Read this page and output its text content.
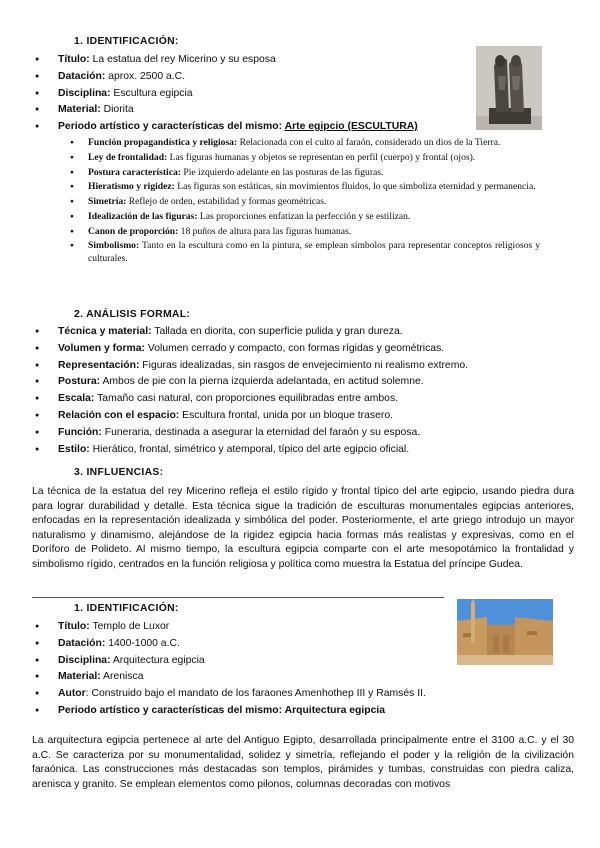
1. IDENTIFICACIÓN:
● Título: La estatua del rey Micerino y su esposa
● Datación: aprox. 2500 a.C.
● Disciplina: Escultura egipcia
● Material: Diorita
● Periodo artístico y características del mismo: Arte egipcio (ESCULTURA)
● Función propagandística y religiosa: Relacionada con el culto al faraón, considerado un dios de la Tierra.
● Ley de frontalidad: Las figuras humanas y objetos se representan en perfil (cuerpo) y frontal (ojos).
● Postura característica: Pie izquierdo adelante en las posturas de las figuras.
● Hieratismo y rigidez: Las figuras son estáticas, sin movimientos fluidos, lo que simboliza eternidad y permanencia.
● Simetría: Reflejo de orden, estabilidad y formas geométricas.
● Idealización de las figuras: Las proporciones enfatizan la perfección y se estilizan.
● Canon de proporción: 18 puños de altura para las figuras humanas.
● Simbolismo: Tanto en la escultura como en la pintura, se emplean símbolos para representar conceptos religiosos y culturales.
2. ANÁLISIS FORMAL:
● Técnica y material: Tallada en diorita, con superficie pulida y gran dureza.
● Volumen y forma: Volumen cerrado y compacto, con formas rígidas y geométricas.
● Representación: Figuras idealizadas, sin rasgos de envejecimiento ni realismo extremo.
● Postura: Ambos de pie con la pierna izquierda adelantada, en actitud solemne.
● Escala: Tamaño casi natural, con proporciones equilibradas entre ambos.
● Relación con el espacio: Escultura frontal, unida por un bloque trasero.
● Función: Funeraria, destinada a asegurar la eternidad del faraón y su esposa.
● Estilo: Hierático, frontal, simétrico y atemporal, típico del arte egipcio oficial.
3. INFLUENCIAS:

La técnica de la estatua del rey Micerino refleja el estilo rígido y frontal típico del arte egipcio, usando piedra dura para lograr durabilidad y detalle. Esta técnica sigue la tradición de esculturas monumentales egipcias anteriores, enfocadas en la representación idealizada y simbólica del poder. Posteriormente, el arte griego introdujo un mayor naturalismo y dinamismo, alejándose de la rigidez egipcia hacia formas más realistas y expresivas, como en el Doríforo de Polideto. Al mismo tiempo, la escultura egipcia comparte con el arte mesopotámico la frontalidad y simbolismo rígido, centrados en la función religiosa y política como muestra la Estatua del príncipe Gudea.

1. IDENTIFICACIÓN:
● Título: Templo de Luxor
● Datación: 1400-1000 a.C.
● Disciplina: Arquitectura egipcia
● Material: Arenisca
● Autor: Construido bajo el mandato de los faraones Amenhothep III y Ramsés II.
● Periodo artístico y características del mismo: Arquitectura egipcia

La arquitectura egipcia pertenece al arte del Antiguo Egipto, desarrollada principalmente entre el 3100 a.C. y el 30 a.C. Se caracteriza por su monumentalidad, solidez y simetría, reflejando el poder y la religión de la civilización faraónica. Las construcciones más destacadas son templos, pirámides y tumbas, construidas con piedra caliza, arenisca y granito. Se emplean elementos como pilonos, columnas decoradas con motivos
